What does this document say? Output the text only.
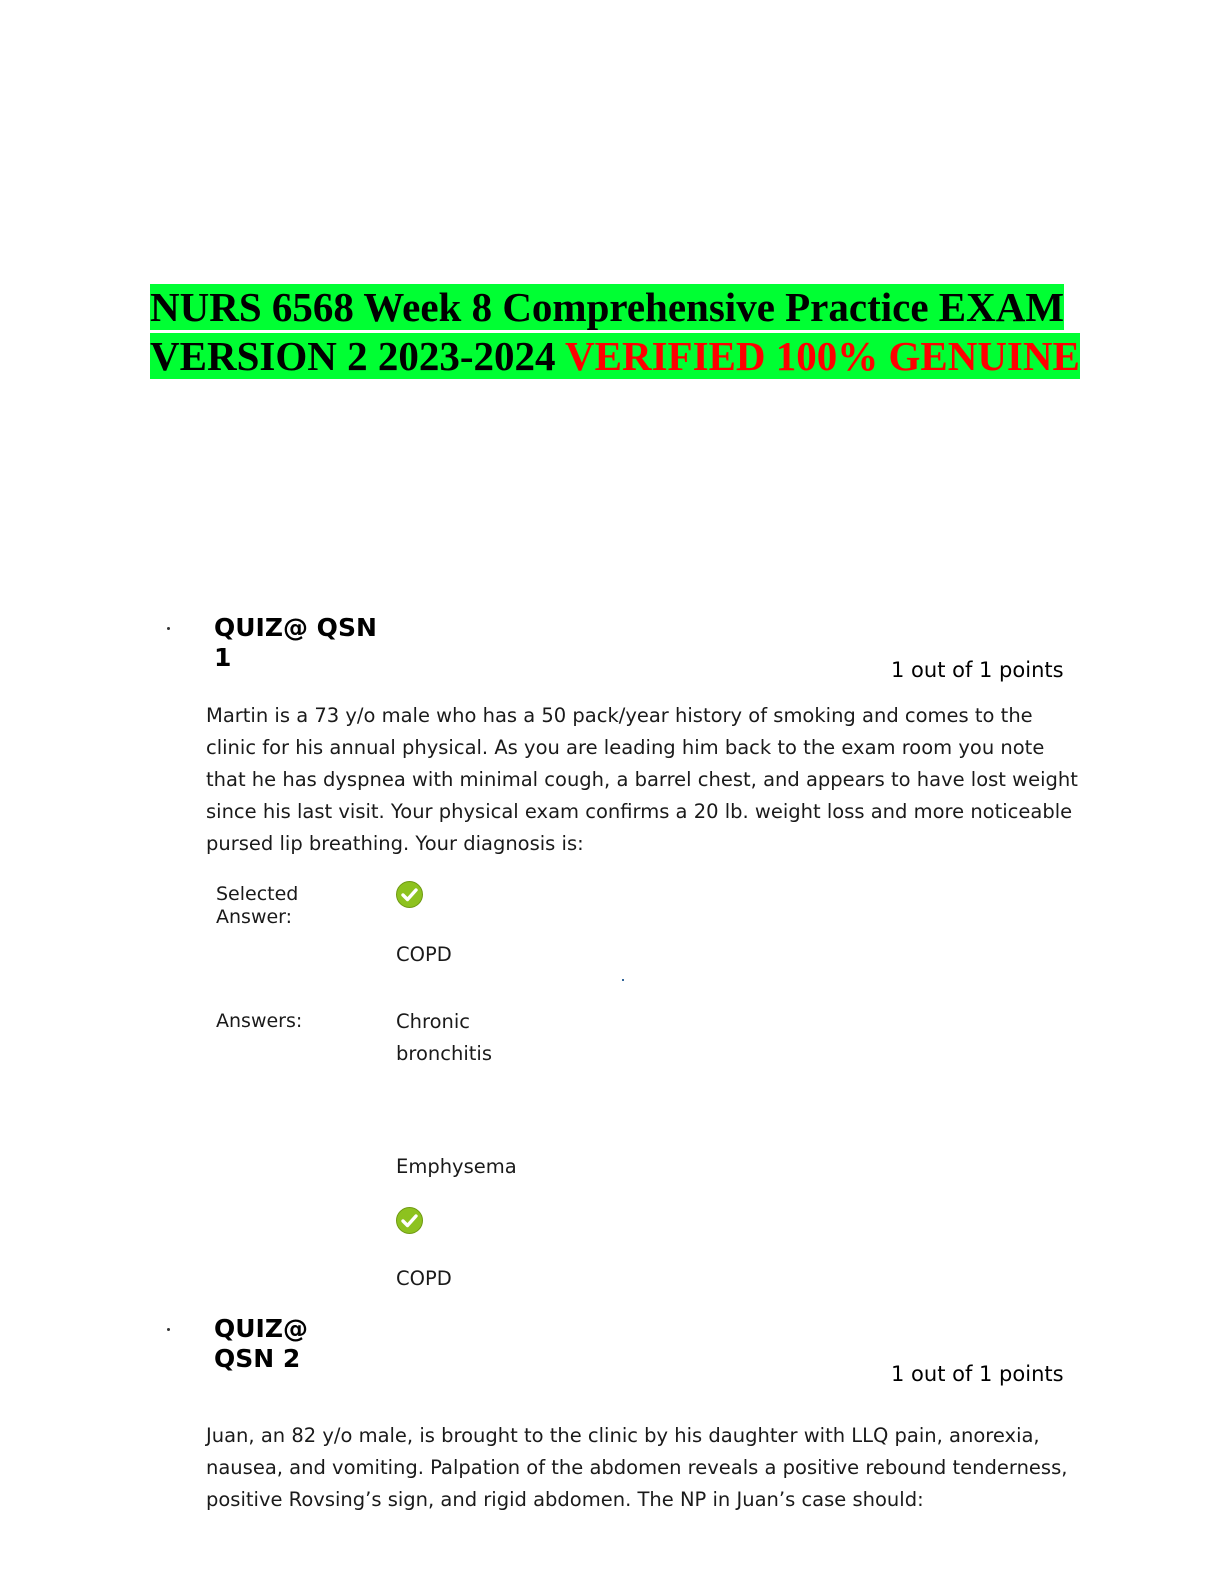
NURS 6568 Week 8 Comprehensive Practice EXAM VERSION 2 2023-2024 VERIFIED 100% GENUINE
QUIZ@ QSN
1	1 out of 1 points

Martin is a 73 y/o male who has a 50 pack/year history of smoking and comes to the clinic for his annual physical. As you are leading him back to the exam room you note that he has dyspnea with minimal cough, a barrel chest, and appears to have lost weight since his last visit. Your physical exam confirms a 20 lb. weight loss and more noticeable pursed lip breathing. Your diagnosis is:

Selected
Answer:
COPD
Answers:	Chronic
bronchitis
Emphysema
COPD
QUIZ@
QSN 2
1 out of 1 points

Juan, an 82 y/o male, is brought to the clinic by his daughter with LLQ pain, anorexia, nausea, and vomiting. Palpation of the abdomen reveals a positive rebound tenderness, positive Rovsing’s sign, and rigid abdomen. The NP in Juan’s case should:
